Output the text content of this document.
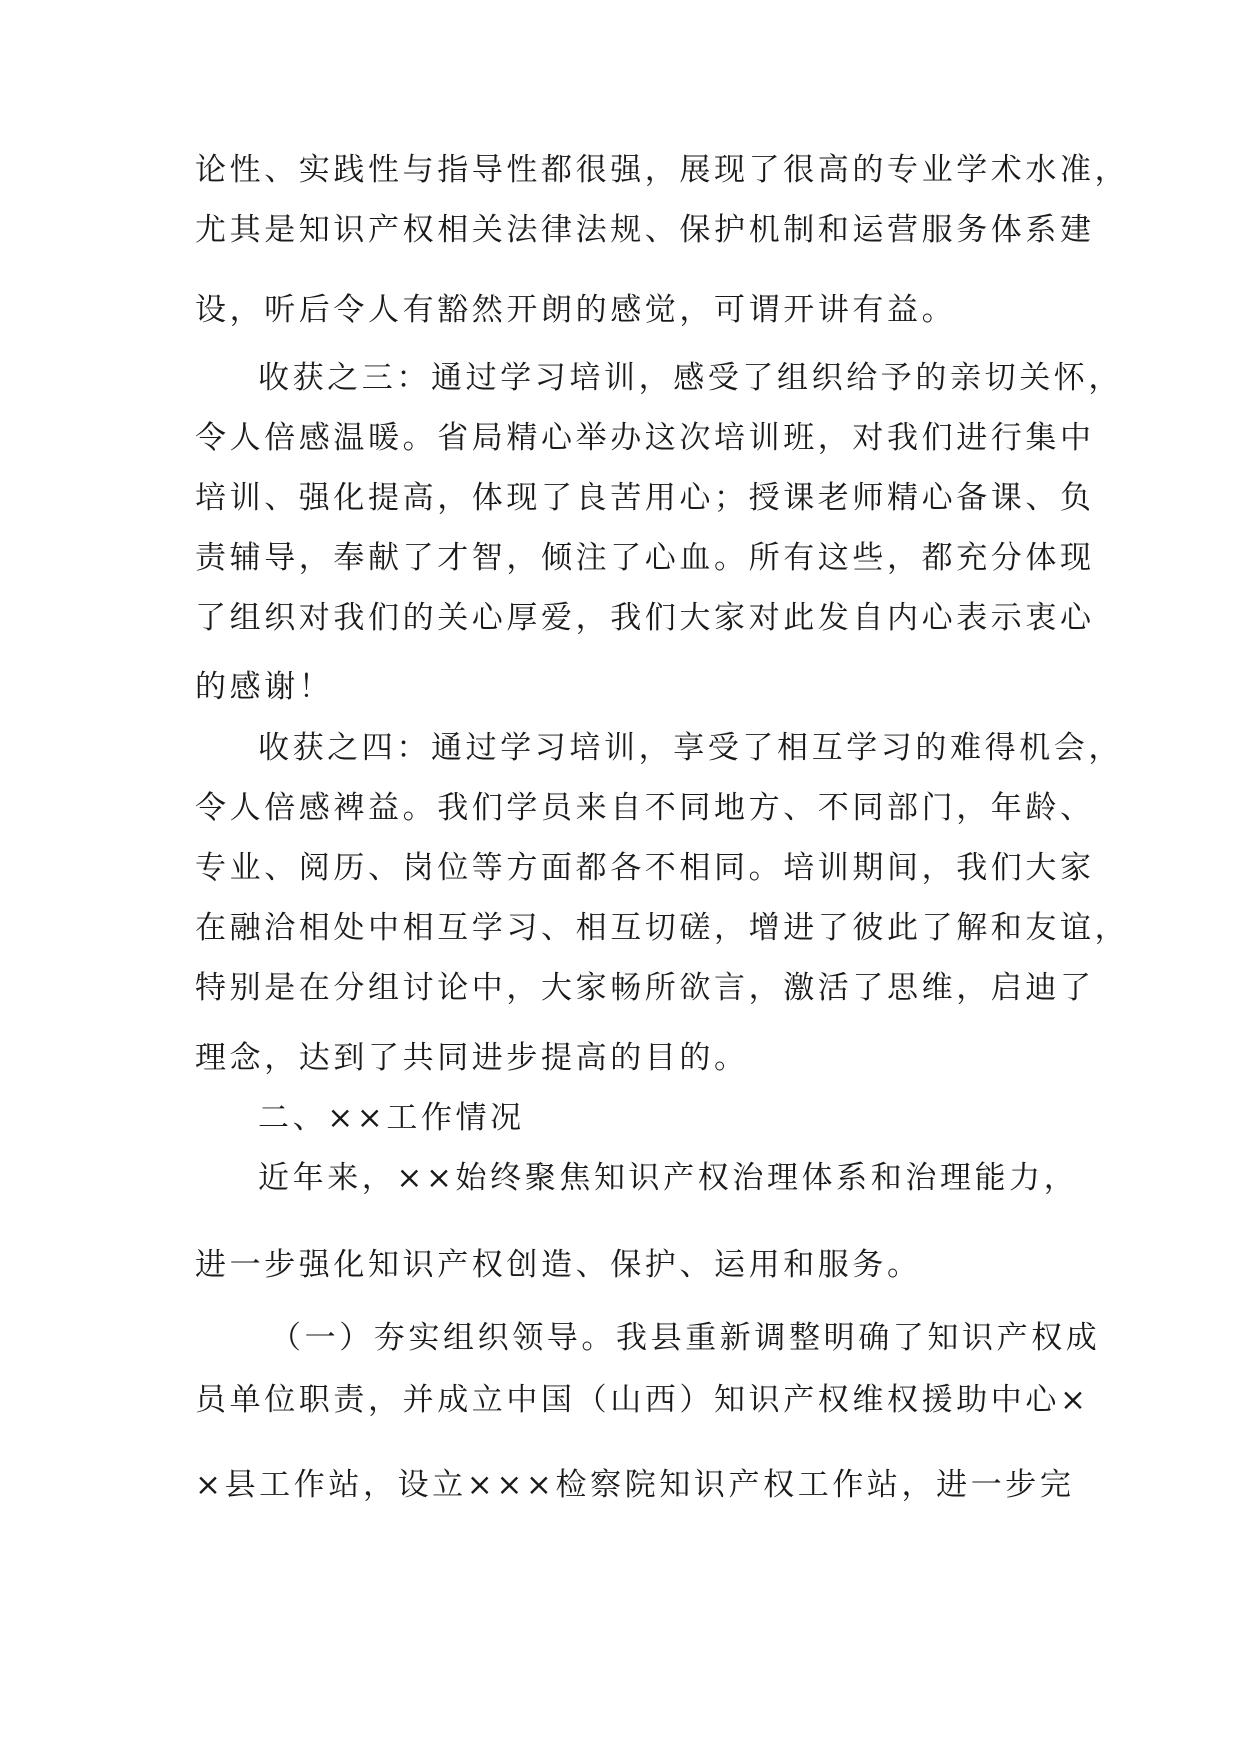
论性、实践性与指导性都很强，展现了很高的专业学术水准，
尤其是知识产权相关法律法规、保护机制和运营服务体系建
设，听后令人有豁然开朗的感觉，可谓开讲有益。
收获之三：通过学习培训，感受了组织给予的亲切关怀，
令人倍感温暖。省局精心举办这次培训班，对我们进行集中
培训、强化提高，体现了良苦用心；授课老师精心备课、负
责辅导，奉献了才智，倾注了心血。所有这些，都充分体现
了组织对我们的关心厚爱，我们大家对此发自内心表示衷心
的感谢！
收获之四：通过学习培训，享受了相互学习的难得机会，
令人倍感裨益。我们学员来自不同地方、不同部门，年龄、
专业、阅历、岗位等方面都各不相同。培训期间，我们大家
在融洽相处中相互学习、相互切磋，增进了彼此了解和友谊，
特别是在分组讨论中，大家畅所欲言，激活了思维，启迪了
理念，达到了共同进步提高的目的。
二、××工作情况
近年来，××始终聚焦知识产权治理体系和治理能力，
进一步强化知识产权创造、保护、运用和服务。
（一）夯实组织领导。我县重新调整明确了知识产权成
员单位职责，并成立中国（山西）知识产权维权援助中心×
×县工作站，设立×××检察院知识产权工作站，进一步完
